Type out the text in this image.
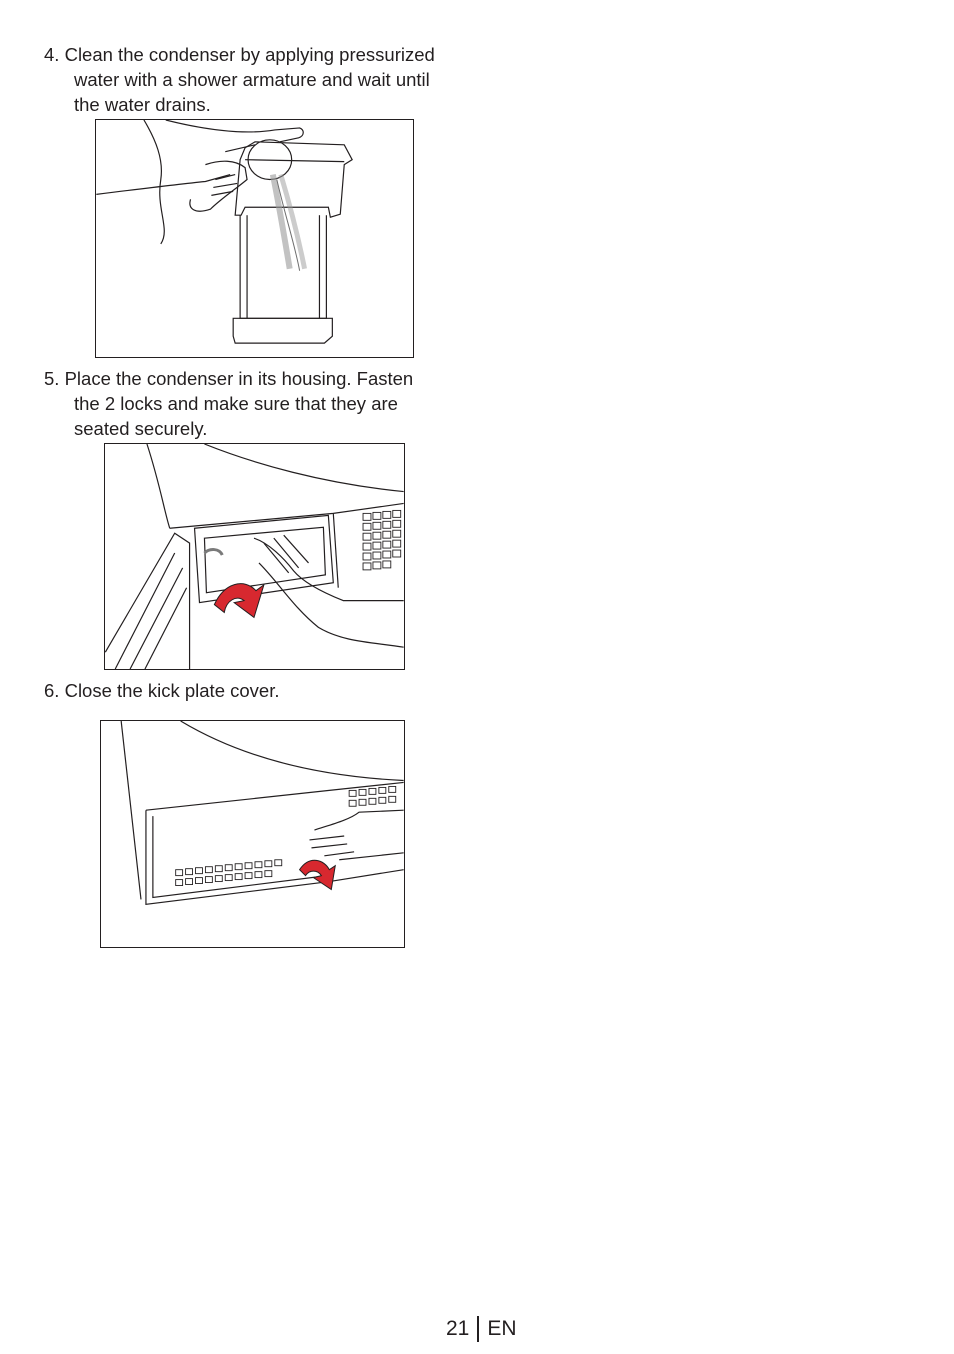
4. Clean the condenser by applying pressurized
water with a shower armature and wait until
the water drains.
5. Place the condenser in its housing. Fasten
the 2 locks and make sure that they are
seated securely.
6. Close the kick plate cover.
21 EN
